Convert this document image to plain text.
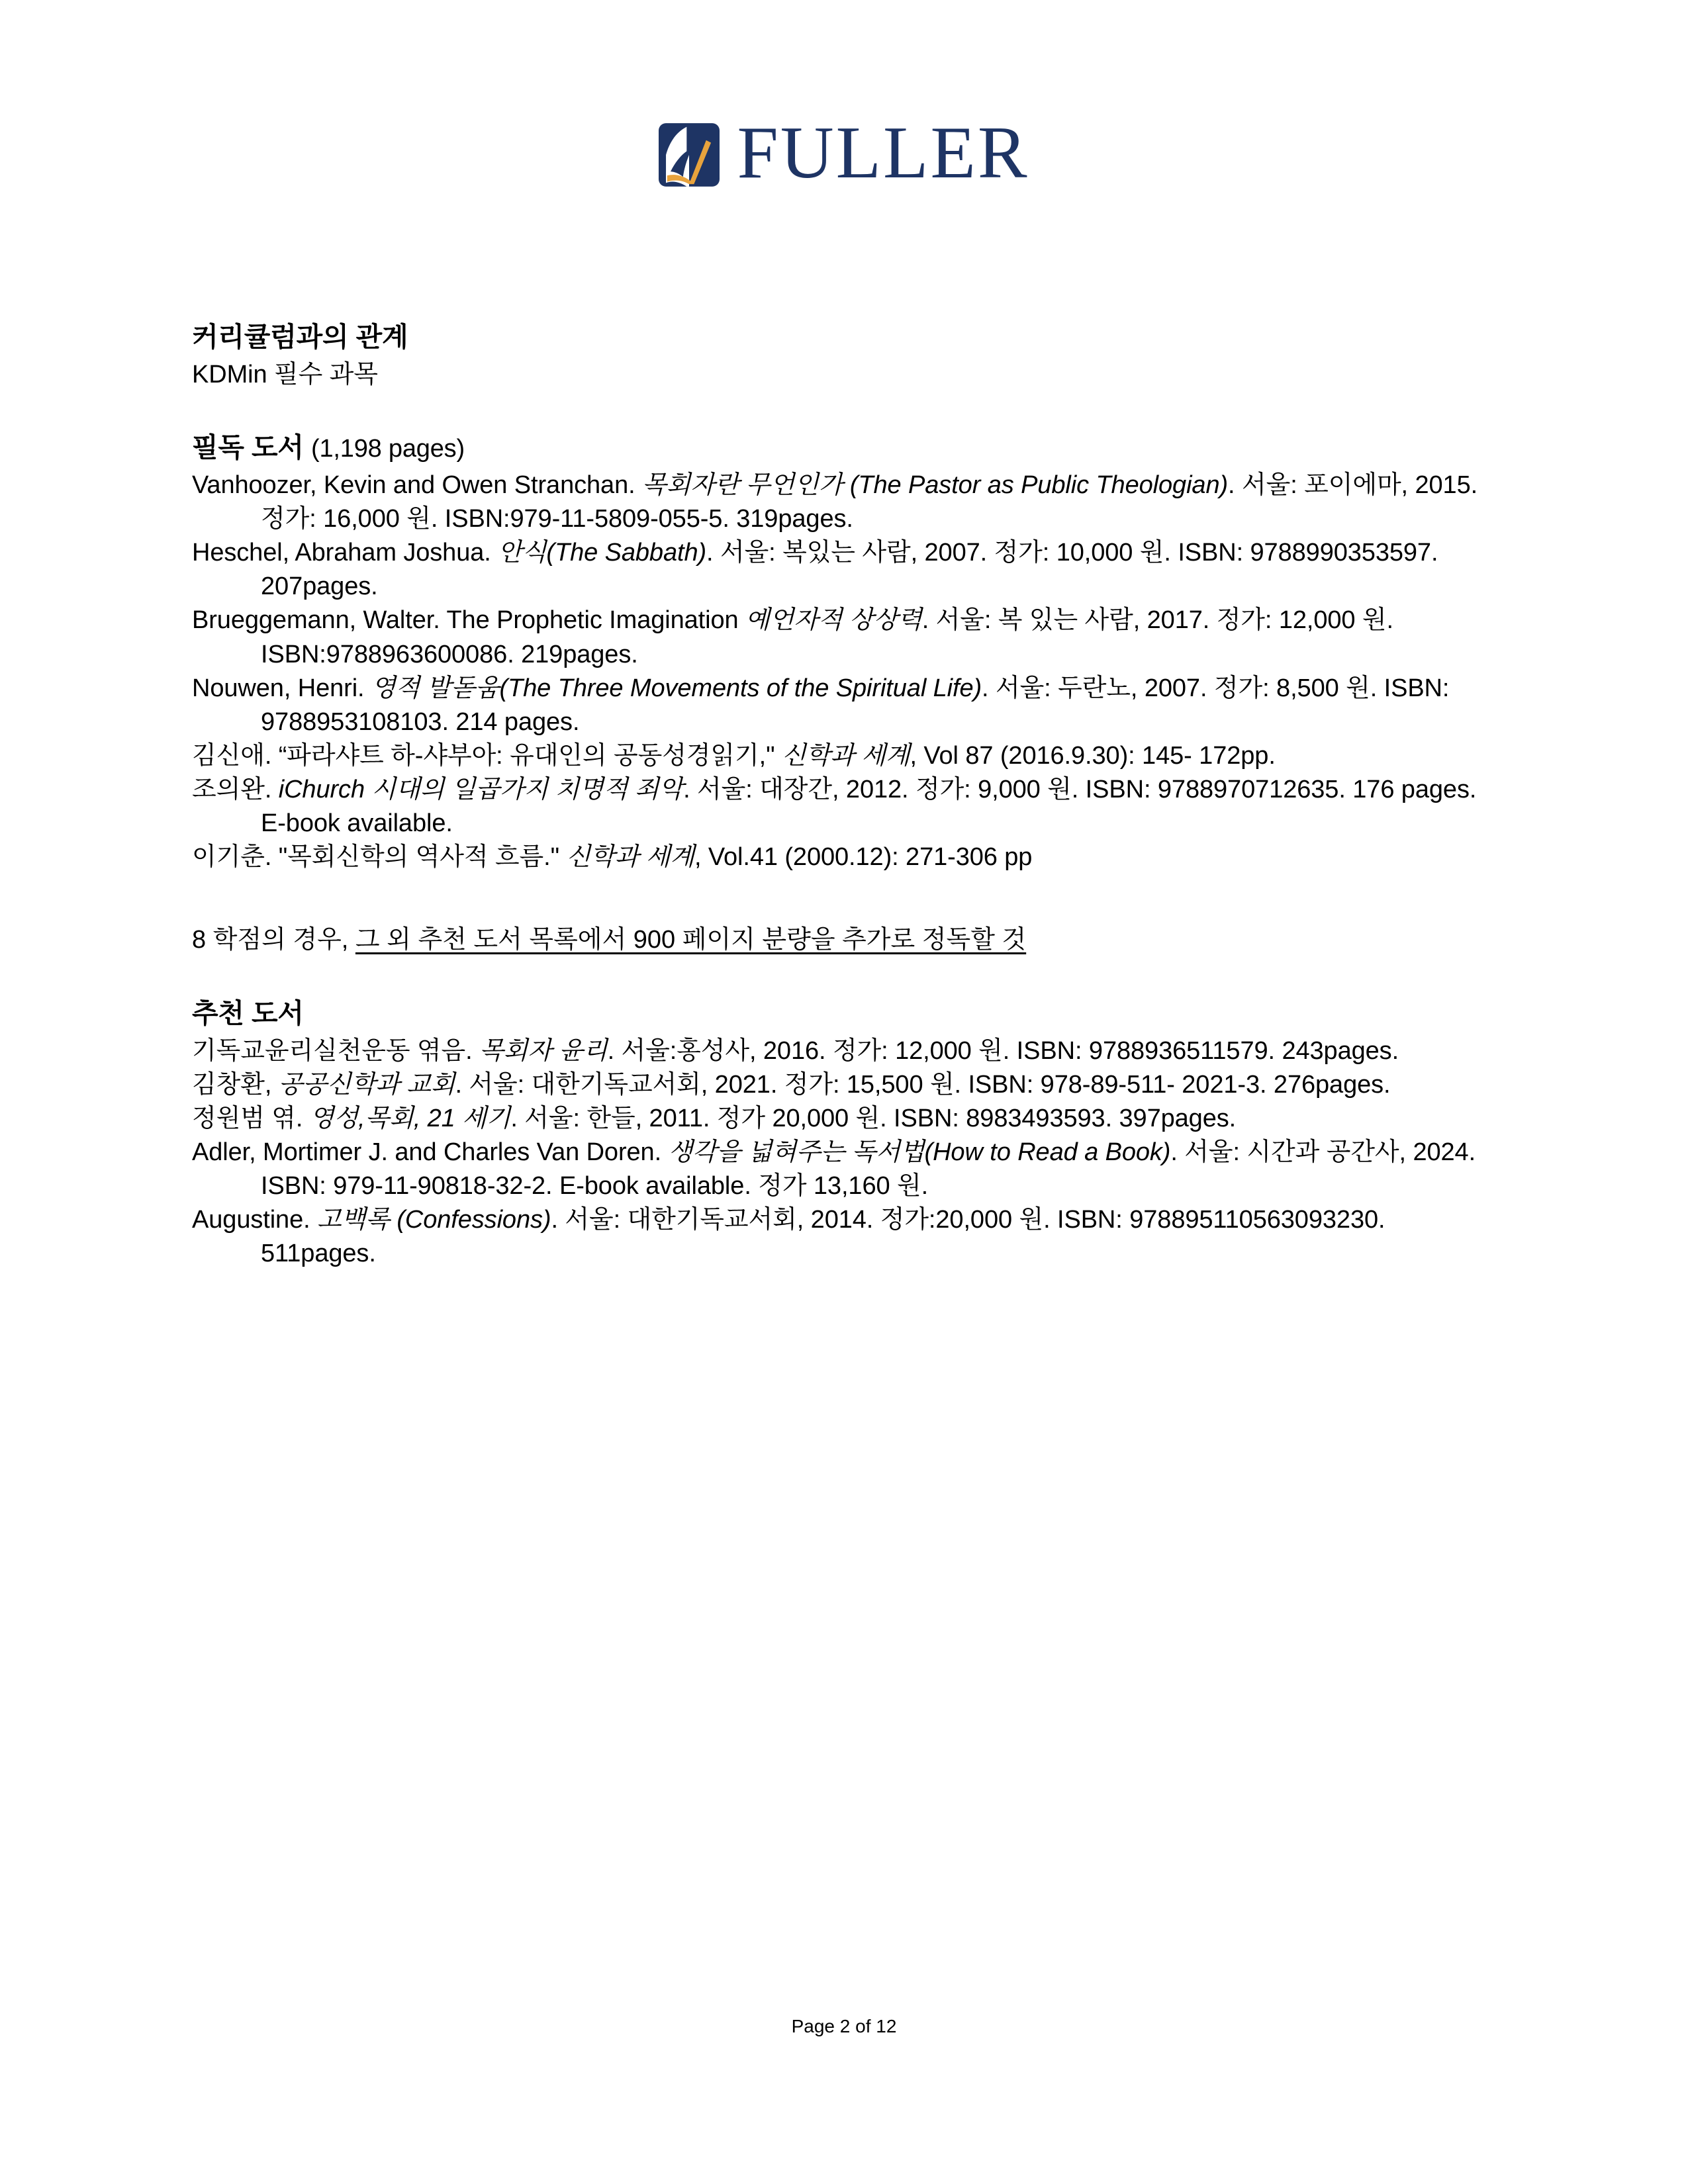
FULLER
커리큘럼과의 관계

KDMin 필수 과목

필독 도서 (1,198 pages)

Vanhoozer, Kevin and Owen Stranchan. 목회자란 무언인가 (The Pastor as Public Theologian). 서울: 포이에마, 2015. 정가: 16,000 원. ISBN:979-11-5809-055-5. 319pages.

Heschel, Abraham Joshua. 안식(The Sabbath). 서울: 복있는 사람, 2007. 정가: 10,000 원. ISBN: 9788990353597. 207pages.

Brueggemann, Walter. The Prophetic Imagination 예언자적 상상력. 서울: 복 있는 사람, 2017. 정가: 12,000 원. ISBN:9788963600086. 219pages.

Nouwen, Henri. 영적 발돋움(The Three Movements of the Spiritual Life). 서울: 두란노, 2007. 정가: 8,500 원. ISBN: 9788953108103. 214 pages.

김신애. “파라샤트 하-샤부아: 유대인의 공동성경읽기," 신학과 세계, Vol 87 (2016.9.30): 145- 172pp.

조의완. iChurch 시대의 일곱가지 치명적 죄악. 서울: 대장간, 2012. 정가: 9,000 원. ISBN: 9788970712635. 176 pages. E-book available.

이기춘. "목회신학의 역사적 흐름." 신학과 세계, Vol.41 (2000.12): 271-306 pp

8 학점의 경우, 그 외 추천 도서 목록에서 900 페이지 분량을 추가로 정독할 것

추천 도서

기독교윤리실천운동 엮음. 목회자 윤리. 서울:홍성사, 2016. 정가: 12,000 원. ISBN: 9788936511579. 243pages.

김창환, 공공신학과 교회. 서울: 대한기독교서회, 2021. 정가: 15,500 원. ISBN: 978-89-511- 2021-3. 276pages.

정원범 엮. 영성,목회, 21 세기. 서울: 한들, 2011. 정가 20,000 원. ISBN: 8983493593. 397pages.

Adler, Mortimer J. and Charles Van Doren. 생각을 넓혀주는 독서법(How to Read a Book). 서울: 시간과 공간사, 2024. ISBN: 979-11-90818-32-2. E-book available. 정가 13,160 원.

Augustine. 고백록 (Confessions). 서울: 대한기독교서회, 2014. 정가:20,000 원. ISBN: 978895110563093230. 511pages.

Page 2 of 12
